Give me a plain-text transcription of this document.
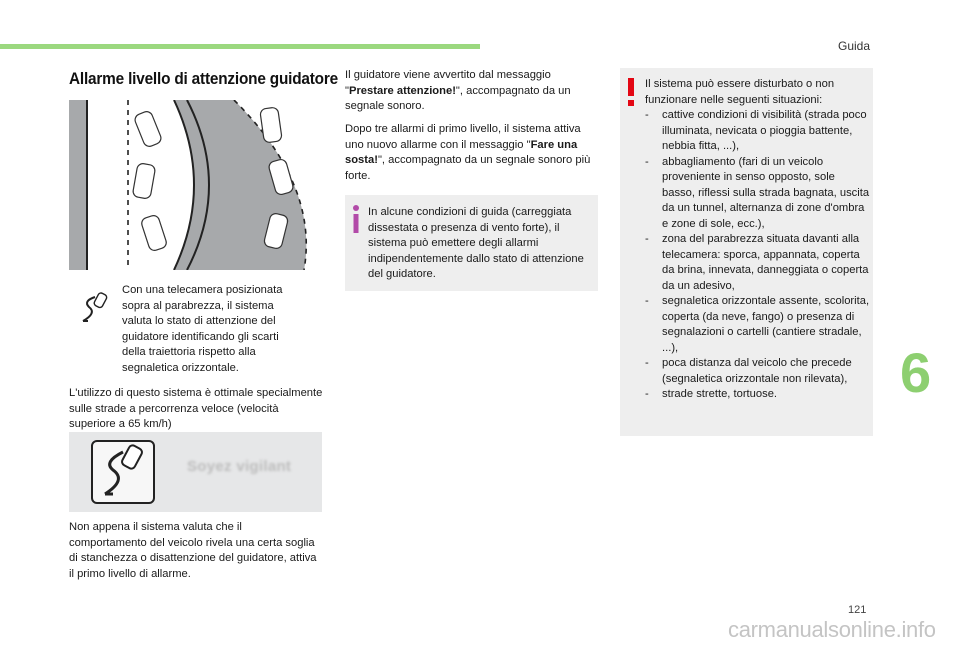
Guida
Allarme livello di attenzione guidatore

Con una telecamera posizionata sopra al parabrezza, il sistema valuta lo stato di attenzione del guidatore identificando gli scarti della traiettoria rispetto alla segnaletica orizzontale.

L'utilizzo di questo sistema è ottimale specialmente sulle strade a percorrenza veloce (velocità superiore a 65 km/h)

Soyez vigilant

Non appena il sistema valuta che il comportamento del veicolo rivela una certa soglia di stanchezza o disattenzione del guidatore, attiva il primo livello di allarme.

Il guidatore viene avvertito dal messaggio "Prestare attenzione!", accompagnato da un segnale sonoro.

Dopo tre allarmi di primo livello, il sistema attiva uno nuovo allarme con il messaggio "Fare una sosta!", accompagnato da un segnale sonoro più forte.

In alcune condizioni di guida (carreggiata dissestata o presenza di vento forte), il sistema può emettere degli allarmi indipendentemente dallo stato di attenzione del guidatore.

Il sistema può essere disturbato o non funzionare nelle seguenti situazioni:

- cattive condizioni di visibilità (strada poco illuminata, nevicata o pioggia battente, nebbia fitta, ...),
- abbagliamento (fari di un veicolo proveniente in senso opposto, sole basso, riflessi sulla strada bagnata, uscita da un tunnel, alternanza di zone d'ombra e zone di sole, ecc.),
- zona del parabrezza situata davanti alla telecamera: sporca, appannata, coperta da brina, innevata, danneggiata o coperta da un adesivo,
- segnaletica orizzontale assente, scolorita, coperta (da neve, fango) o presenza di segnalazioni o cartelli (cantiere stradale, ...),
- poca distanza dal veicolo che precede (segnaletica orizzontale non rilevata),
- strade strette, tortuose.	6
121
carmanualsonline.info
